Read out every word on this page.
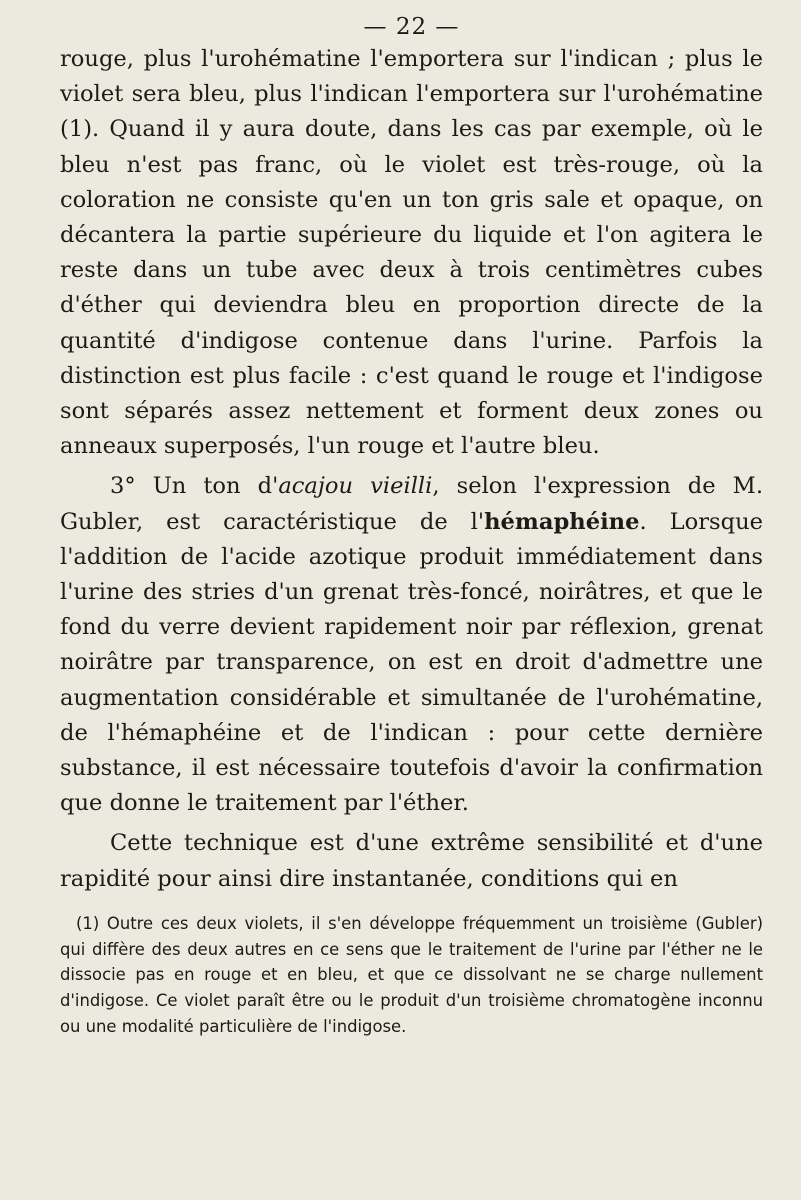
— 22 —

rouge, plus l'urohématine l'emportera sur l'indican ; plus le violet sera bleu, plus l'indican l'emportera sur l'urohématine (1). Quand il y aura doute, dans les cas par exemple, où le bleu n'est pas franc, où le violet est très-rouge, où la coloration ne consiste qu'en un ton gris sale et opaque, on décantera la partie supérieure du liquide et l'on agitera le reste dans un tube avec deux à trois centimètres cubes d'éther qui deviendra bleu en proportion directe de la quantité d'indigose contenue dans l'urine. Parfois la distinction est plus facile : c'est quand le rouge et l'indigose sont séparés assez nettement et forment deux zones ou anneaux superposés, l'un rouge et l'autre bleu.

3° Un ton d'acajou vieilli, selon l'expression de M. Gubler, est caractéristique de l'hémaphéine. Lorsque l'addition de l'acide azotique produit immédiatement dans l'urine des stries d'un grenat très-foncé, noirâtres, et que le fond du verre devient rapidement noir par réflexion, grenat noirâtre par transparence, on est en droit d'admettre une augmentation considérable et simultanée de l'urohématine, de l'hémaphéine et de l'indican : pour cette dernière substance, il est nécessaire toutefois d'avoir la confirmation que donne le traitement par l'éther.

Cette technique est d'une extrême sensibilité et d'une rapidité pour ainsi dire instantanée, conditions qui en

(1) Outre ces deux violets, il s'en développe fréquemment un troisième (Gubler) qui diffère des deux autres en ce sens que le traitement de l'urine par l'éther ne le dissocie pas en rouge et en bleu, et que ce dissolvant ne se charge nullement d'indigose. Ce violet paraît être ou le produit d'un troisième chromatogène inconnu ou une modalité particulière de l'indigose.
